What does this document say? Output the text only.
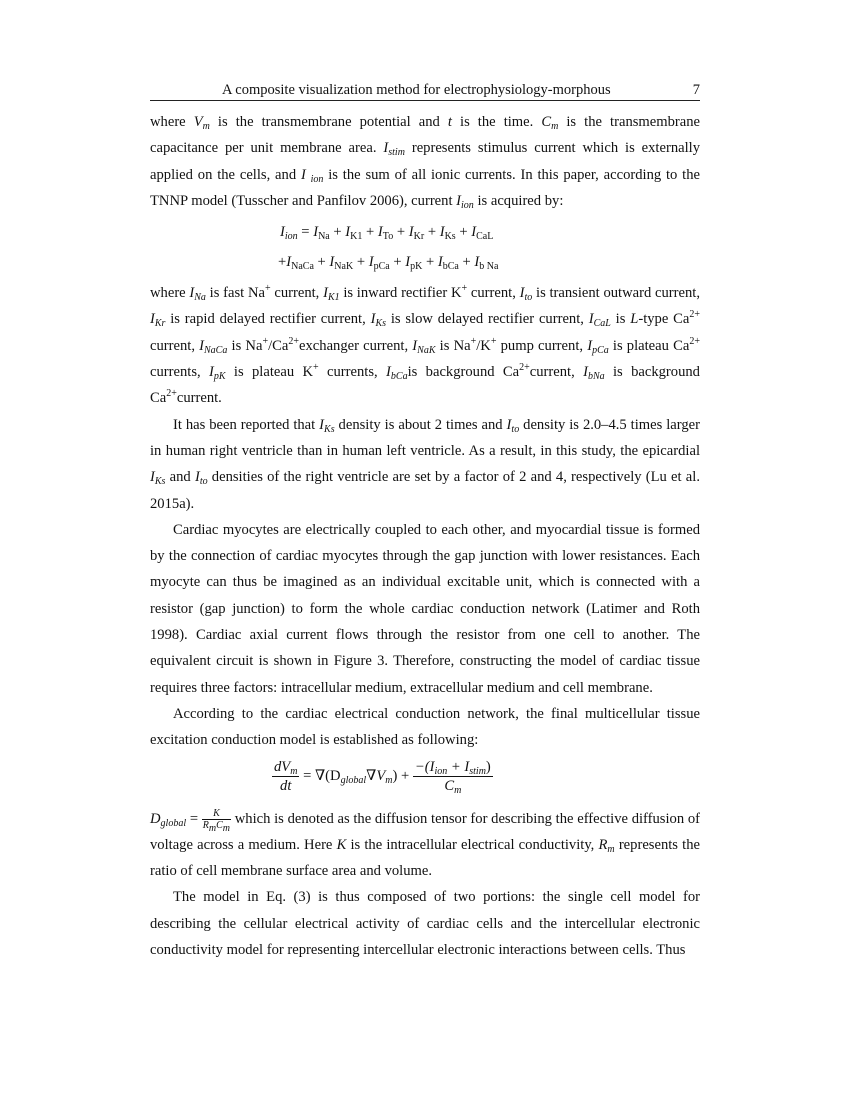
A composite visualization method for electrophysiology-morphous	7

where $V_m$ is the transmembrane potential and t is the time. $C_m$ is the transmembrane capacitance per unit membrane area. $I_{stim}$ represents stimulus current which is externally applied on the cells, and I $_{ion}$ is the sum of all ionic currents. In this paper, according to the TNNP model (Tusscher and Panfilov 2006), current $I_{ion}$ is acquired by:

$I_{ion} = I_{Na} + I_{K1} + I_{To} + I_{Kr} + I_{Ks} + I_{CaL}$
$+I_{NaCa} + I_{NaK} + I_{pCa} + I_{pK} + I_{bCa} + I_{b Na}$

where $I_{Na}$ is fast Na+ current, $I_{K1}$ is inward rectifier K+ current, $I_{to}$ is transient outward current, $I_{Kr}$ is rapid delayed rectifier current, $I_{Ks}$ is slow delayed rectifier current, $I_{CaL}$ is L-type $Ca^{2+}$ current, $I_{NaCa}$ is $Na^+/Ca^{2+}exchanger$ current, $I_{NaK}$ is Na+/K+ pump current, $I_{pCa}$ is plateau $Ca^{2+}$ currents, $I_{pK}$ is plateau K+ currents, $I_{bCa}is$ background $Ca^{2+}current$, $I_{bNa}$ is background $Ca^{2+}current$.

It has been reported that $I_{Ks}$ density is about 2 times and $I_{to}$ density is 2.0–4.5 times larger in human right ventricle than in human left ventricle. As a result, in this study, the epicardial $I_{Ks}$ and $I_{to}$ densities of the right ventricle are set by a factor of 2 and 4, respectively (Lu et al. 2015a).

Cardiac myocytes are electrically coupled to each other, and myocardial tissue is formed by the connection of cardiac myocytes through the gap junction with lower resistances. Each myocyte can thus be imagined as an individual excitable unit, which is connected with a resistor (gap junction) to form the whole cardiac conduction network (Latimer and Roth 1998). Cardiac axial current flows through the resistor from one cell to another. The equivalent circuit is shown in Figure 3. Therefore, constructing the model of cardiac tissue requires three factors: intracellular medium, extracellular medium and cell membrane.

According to the cardiac electrical conduction network, the final multicellular tissue excitation conduction model is established as following:

$\frac{dV_m}{dt} = \nabla(D_{global}\nabla V_m) + \frac{-(I_{ion} + I_{stim})}{C_m}$

$D_{global} = \frac{K}{R_mC_m}$ which is denoted as the diffusion tensor for describing the effective diffusion of voltage across a medium. Here K is the intracellular electrical conductivity, $R_m$ represents the ratio of cell membrane surface area and volume.

The model in Eq. (3) is thus composed of two portions: the single cell model for describing the cellular electrical activity of cardiac cells and the intercellular electronic conductivity model for representing intercellular electronic interactions between cells. Thus
